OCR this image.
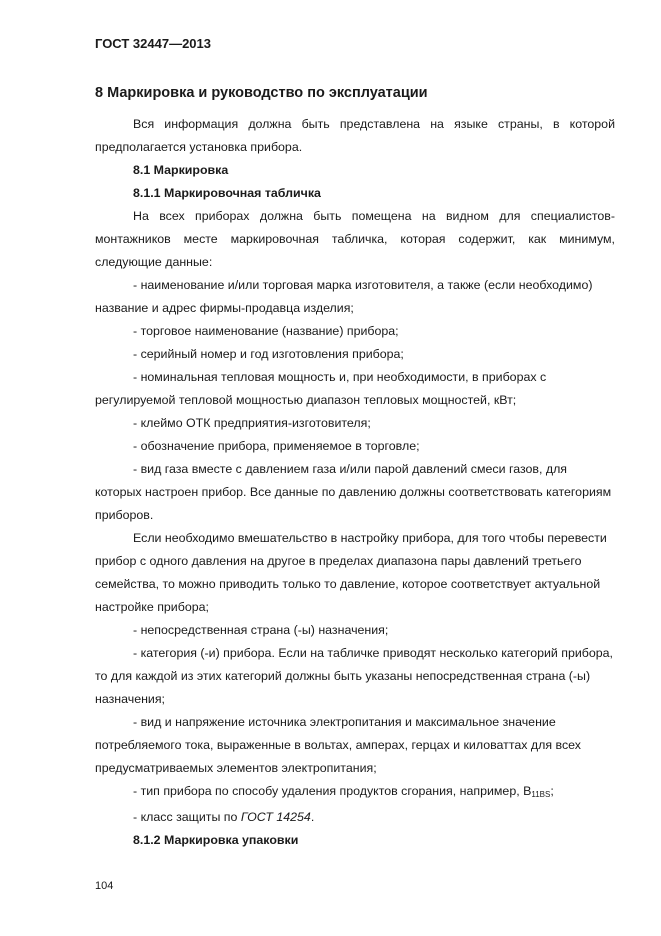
ГОСТ 32447—2013
8 Маркировка и руководство по эксплуатации

Вся информация должна быть представлена на языке страны, в которой предполагается установка прибора.

8.1 Маркировка

8.1.1 Маркировочная табличка

На всех приборах должна быть помещена на видном для специалистов-монтажников месте маркировочная табличка, которая содержит, как минимум, следующие данные:

- наименование и/или торговая марка изготовителя, а также (если необходимо) название и адрес фирмы-продавца изделия;

- торговое наименование (название) прибора;

- серийный номер и год изготовления прибора;

- номинальная тепловая мощность и, при необходимости, в приборах с регулируемой тепловой мощностью диапазон тепловых мощностей, кВт;

- клеймо ОТК предприятия-изготовителя;

- обозначение прибора, применяемое в торговле;

- вид газа вместе с давлением газа и/или парой давлений смеси газов, для которых настроен прибор. Все данные по давлению должны соответствовать категориям приборов.

Если необходимо вмешательство в настройку прибора, для того чтобы перевести прибор с одного давления на другое в пределах диапазона пары давлений третьего семейства, то можно приводить только то давление, которое соответствует актуальной настройке прибора;

- непосредственная страна (-ы) назначения;

- категория (-и) прибора. Если на табличке приводят несколько категорий прибора, то для каждой из этих категорий должны быть указаны непосредственная страна (-ы) назначения;

- вид и напряжение источника электропитания и максимальное значение потребляемого тока, выраженные в вольтах, амперах, герцах и киловаттах для всех предусматриваемых элементов электропитания;

- тип прибора по способу удаления продуктов сгорания, например, B11BS;

- класс защиты по ГОСТ 14254.

8.1.2 Маркировка упаковки

104
